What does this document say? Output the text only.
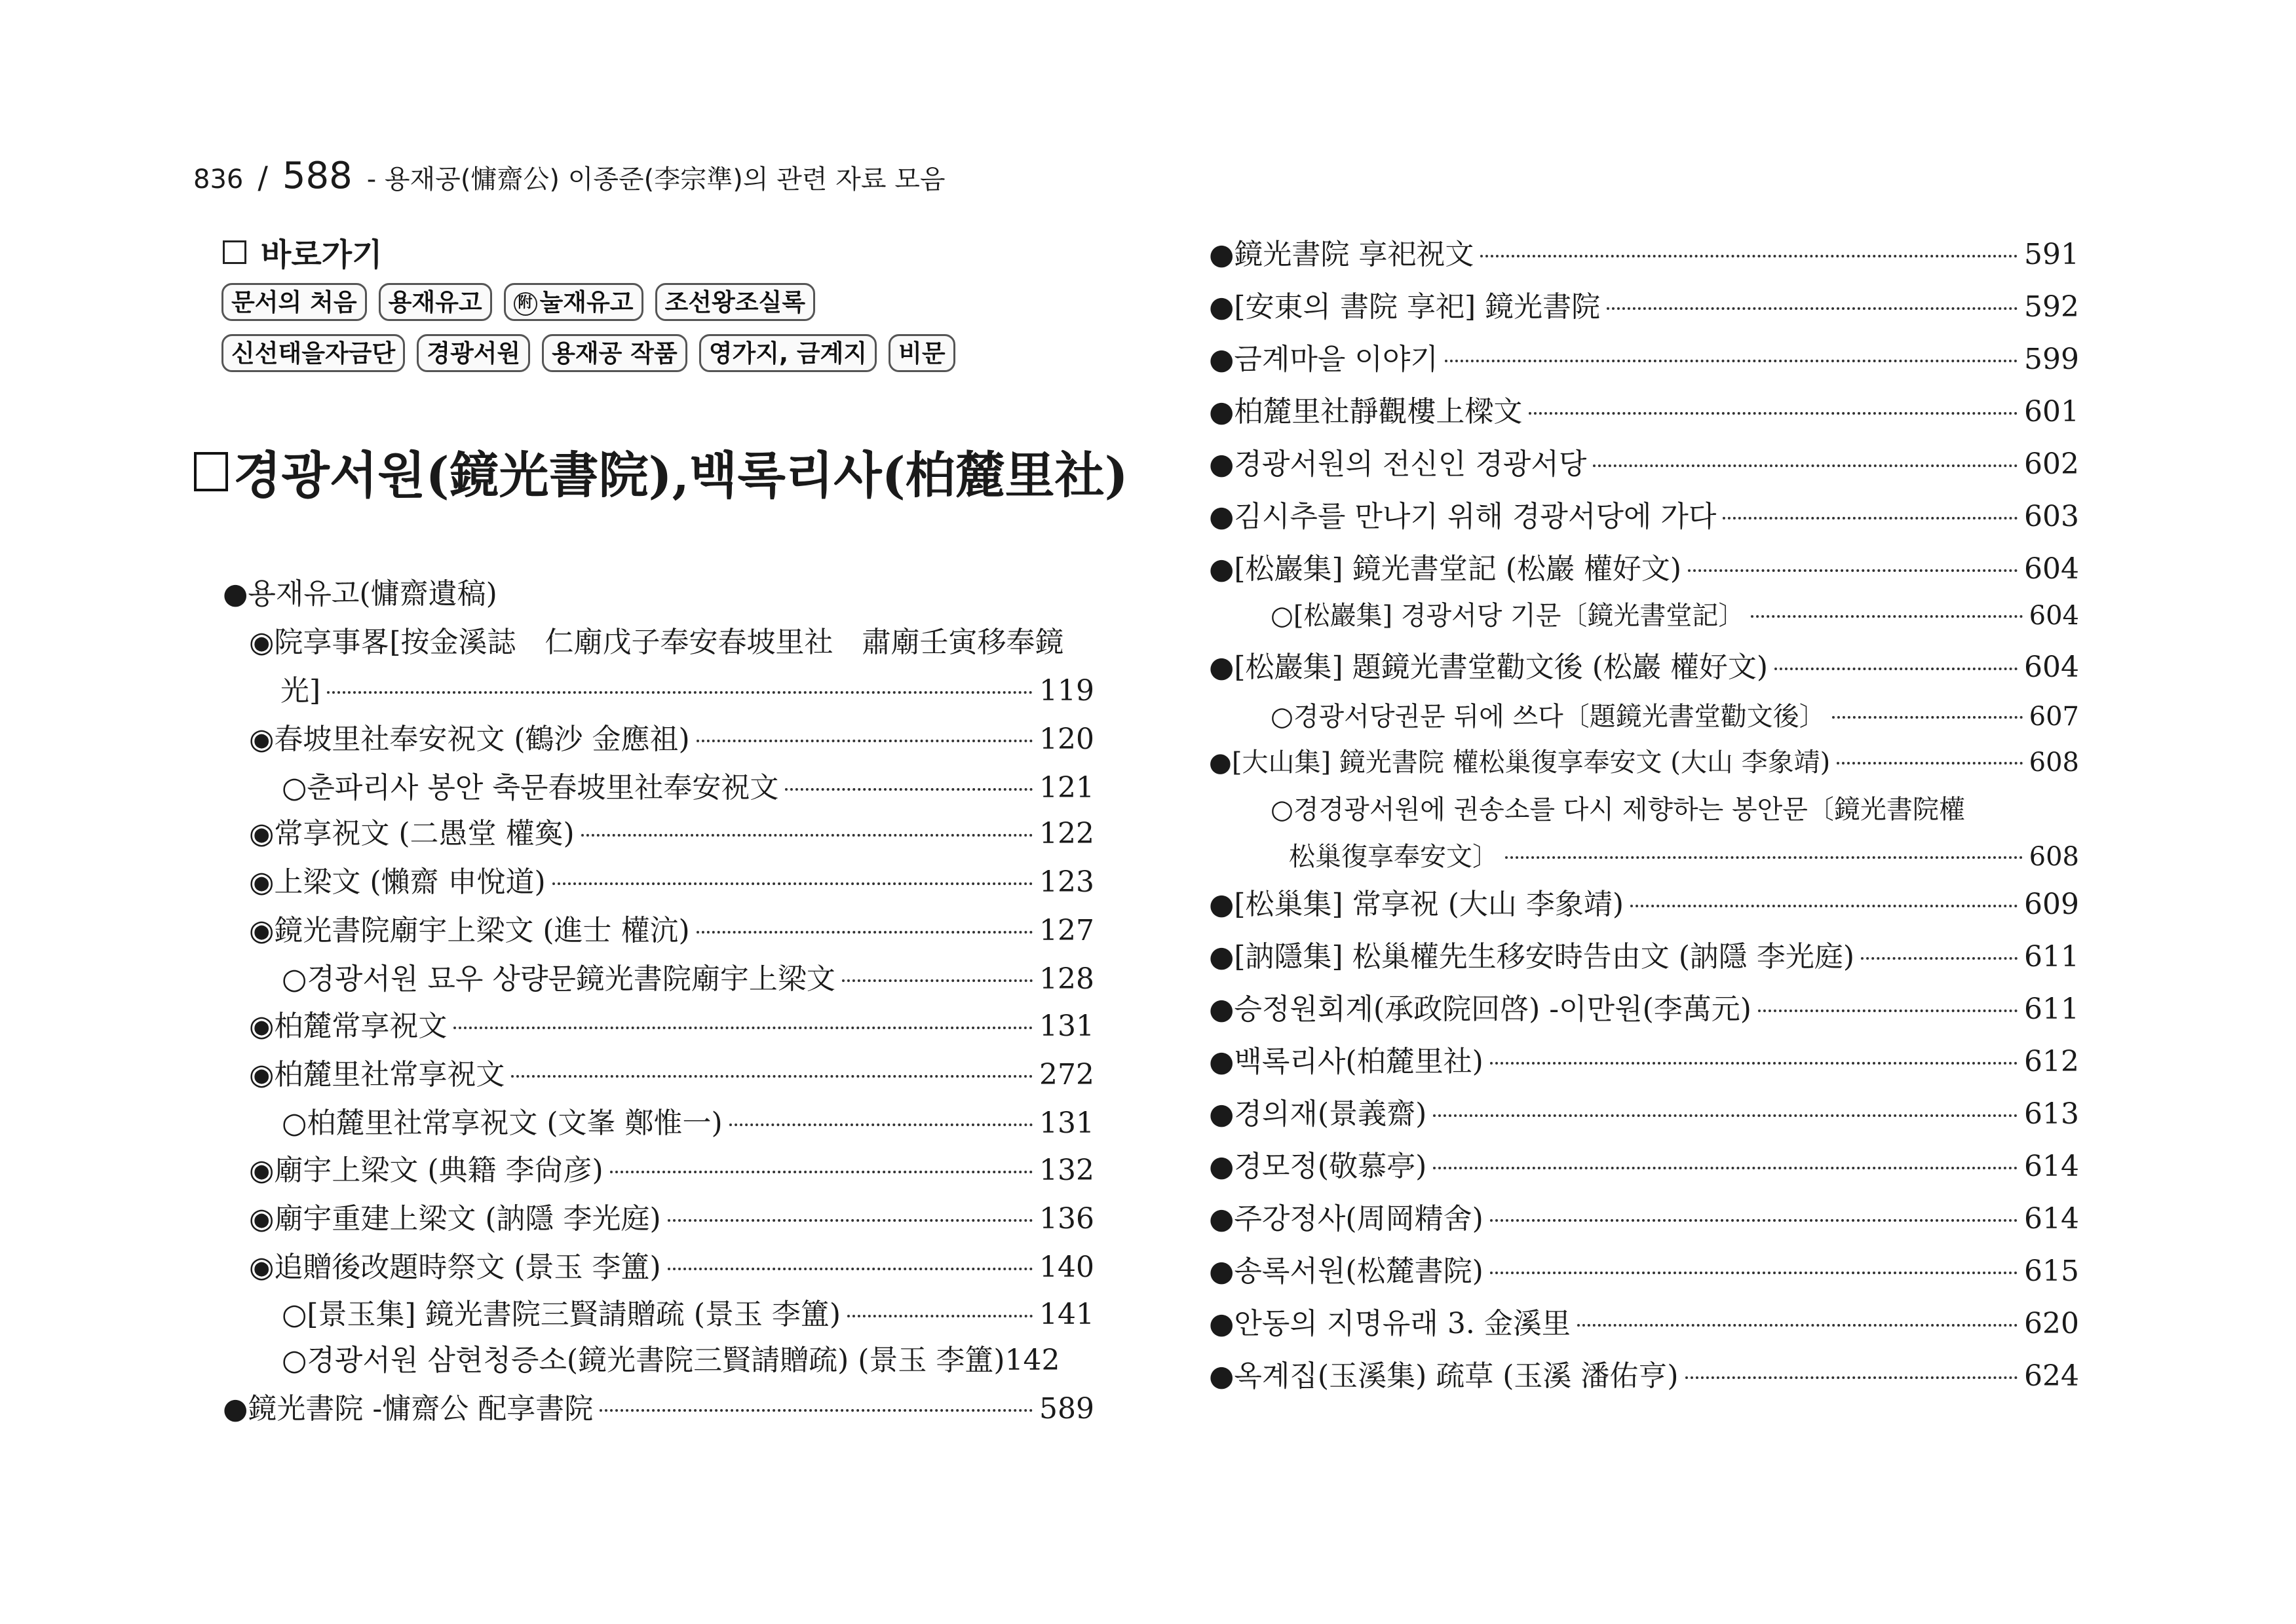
836 / 588 - 용재공(慵齋公) 이종준(李宗準)의 관련 자료 모음
바로가기
문서의 처음	용재유고	附 눌재유고	조선왕조실록
신선태을자금단	경광서원	용재공 작품	영가지, 금계지	비문
경광서원(鏡光書院),백록리사(柏麓里社)
●용재유고(慵齋遺稿)
◉院享事畧[按金溪誌　仁廟戊子奉安春坡里社　肅廟壬寅移奉鏡
光]	119
◉春坡里社奉安祝文 (鶴沙 金應祖)	120
○춘파리사 봉안 축문春坡里社奉安祝文	121
◉常享祝文 (二愚堂 權寏)	122
◉上梁文 (懶齋 申悅道)	123
◉鏡光書院廟宇上梁文 (進士 權沆)	127
○경광서원 묘우 상량문鏡光書院廟宇上梁文	128
◉柏麓常享祝文	131
◉柏麓里社常享祝文	272
○柏麓里社常享祝文 (文峯 鄭惟一)	131
◉廟宇上梁文 (典籍 李尙彦)	132
◉廟宇重建上梁文 (訥隱 李光庭)	136
◉追贈後改題時祭文 (景玉 李簠)	140
○[景玉集] 鏡光書院三賢請贈疏 (景玉 李簠)	141
○경광서원 삼현청증소(鏡光書院三賢請贈疏) (景玉 李簠) 142
●鏡光書院 -慵齋公 配享書院	589
●鏡光書院 享祀祝文	591
●[安東의 書院 享祀] 鏡光書院	592
●금계마을 이야기	599
●柏麓里社靜觀樓上樑文	601
●경광서원의 전신인 경광서당	602
●김시추를 만나기 위해 경광서당에 가다	603
●[松巖集] 鏡光書堂記 (松巖 權好文)	604
○[松巖集] 경광서당 기문〔鏡光書堂記〕	604
●[松巖集] 題鏡光書堂勸文後 (松巖 權好文)	604
○경광서당권문 뒤에 쓰다〔題鏡光書堂勸文後〕	607
●[大山集] 鏡光書院 權松巢復享奉安文 (大山 李象靖)	608
○경경광서원에 권송소를 다시 제향하는 봉안문〔鏡光書院權
松巢復享奉安文〕	608
●[松巢集] 常享祝 (大山 李象靖)	609
●[訥隱集] 松巢權先生移安時告由文 (訥隱 李光庭)	611
●승정원회계(承政院回啓) -이만원(李萬元)	611
●백록리사(柏麓里社)	612
●경의재(景義齋)	613
●경모정(敬慕亭)	614
●주강정사(周岡精舍)	614
●송록서원(松麓書院)	615
●안동의 지명유래 3. 金溪里	620
●옥계집(玉溪集) 疏草 (玉溪 潘佑亨)	624
